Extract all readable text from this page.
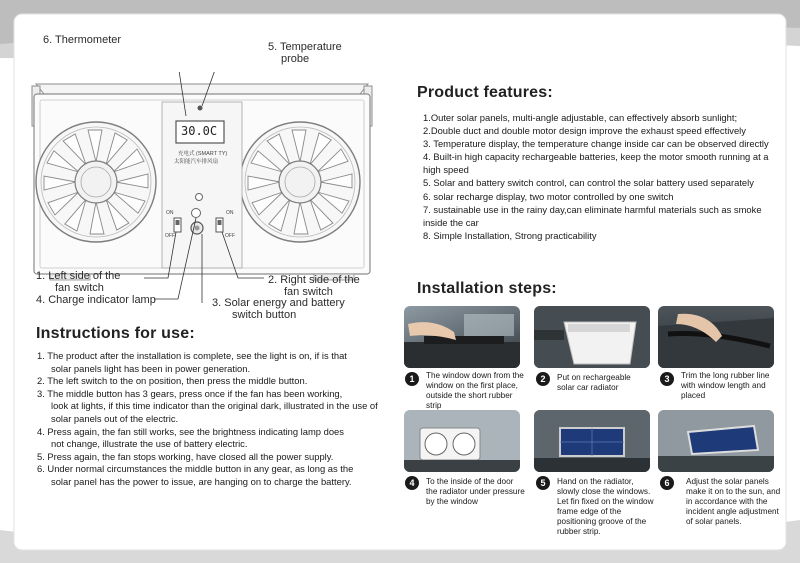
6. Thermometer
5. Temperature
probe
30.0C
充电式 (SMART TY)
太阳能汽车排风扇
ON
OFF
ON
OFF
1. Left side of the
fan switch
4. Charge indicator lamp
2. Right side of the
fan switch
3. Solar energy and battery
switch button
Instructions for use:
1. The product after the installation is complete, see the light is on, if is that
solar panels light has been in power generation.
2. The left switch to the on position, then press the middle button.
3. The middle button has 3 gears, press once if the fan has been working,
look at lights, if this time indicator than the original dark, illustrated in the use of solar panels out of the electric.
4. Press again, the fan still works, see the brightness indicating lamp does
not change, illustrate the use of battery electric.
5. Press again, the fan stops working, have closed all the power supply.
6. Under normal circumstances the middle button in any gear, as long as the
solar panel has the power to issue, are hanging on to charge the battery.
Product features:
1.Outer solar panels, multi-angle adjustable, can effectively absorb sunlight;
2.Double duct and double motor design improve the exhaust speed effectively
3. Temperature display, the temperature change inside car can be observed directly
4. Built-in high capacity rechargeable batteries, keep the motor smooth running at a high speed
5. Solar and battery switch control, can control the solar battery used separately
6. solar recharge display, two motor controlled by one switch
7. sustainable use in the rainy day,can eliminate harmful materials such as smoke inside the car
8. Simple Installation, Strong practicability
Installation steps:
1	The window down from the window on the first place, outside the short rubber strip
2	Put on rechargeable solar car radiator
3	Trim the long rubber line with window length and placed
4	To the inside of the door the radiator under pressure by the window
5	Hand on the radiator, slowly close the windows. Let fin fixed on the window frame edge of the positioning groove of the rubber strip.
6	Adjust the solar panels make it on to the sun, and in accordance with the incident angle adjustment of solar panels.
